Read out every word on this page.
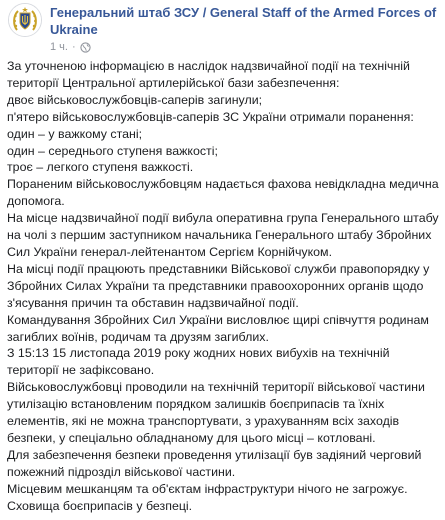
Генеральний штаб ЗСУ / General Staff of the Armed Forces of Ukraine
1 ч. ·

За уточненою інформацією в наслідок надзвичайної події на технічній території Центральної артилерійської бази забезпечення:

двоє військовослужбовців-саперів загинули;

п'ятеро військовослужбовців-саперів ЗС України отримали поранення:

один – у важкому стані;

один – середнього ступеня важкості;

троє – легкого ступеня важкості.

Пораненим військовослужбовцям надається фахова невідкладна медична допомога.

На місце надзвичайної події вибула оперативна група Генерального штабу на чолі з першим заступником начальника Генерального штабу Збройних Сил України генерал-лейтенантом Сергієм Корнійчуком.

На місці події працюють представники Військової служби правопорядку у Збройних Силах України та представники правоохоронних органів щодо з'ясування причин та обставин надзвичайної події.

Командування Збройних Сил України висловлює щирі співчуття родинам загиблих воїнів, родичам та друзям загиблих.

З 15:13 15 листопада 2019 року жодних нових вибухів на технічній території не зафіксовано.

Військовослужбовці проводили на технічній території військової частини утилізацію встановленим порядком залишків боєприпасів та їхніх елементів, які не можна транспортувати, з урахуванням всіх заходів безпеки, у спеціально обладнаному для цього місці – котловані.

Для забезпечення безпеки проведення утилізації був задіяний черговий пожежний підрозділ військової частини.

Місцевим мешканцям та об'єктам інфраструктури нічого не загрожує.

Сховища боєприпасів у безпеці.
